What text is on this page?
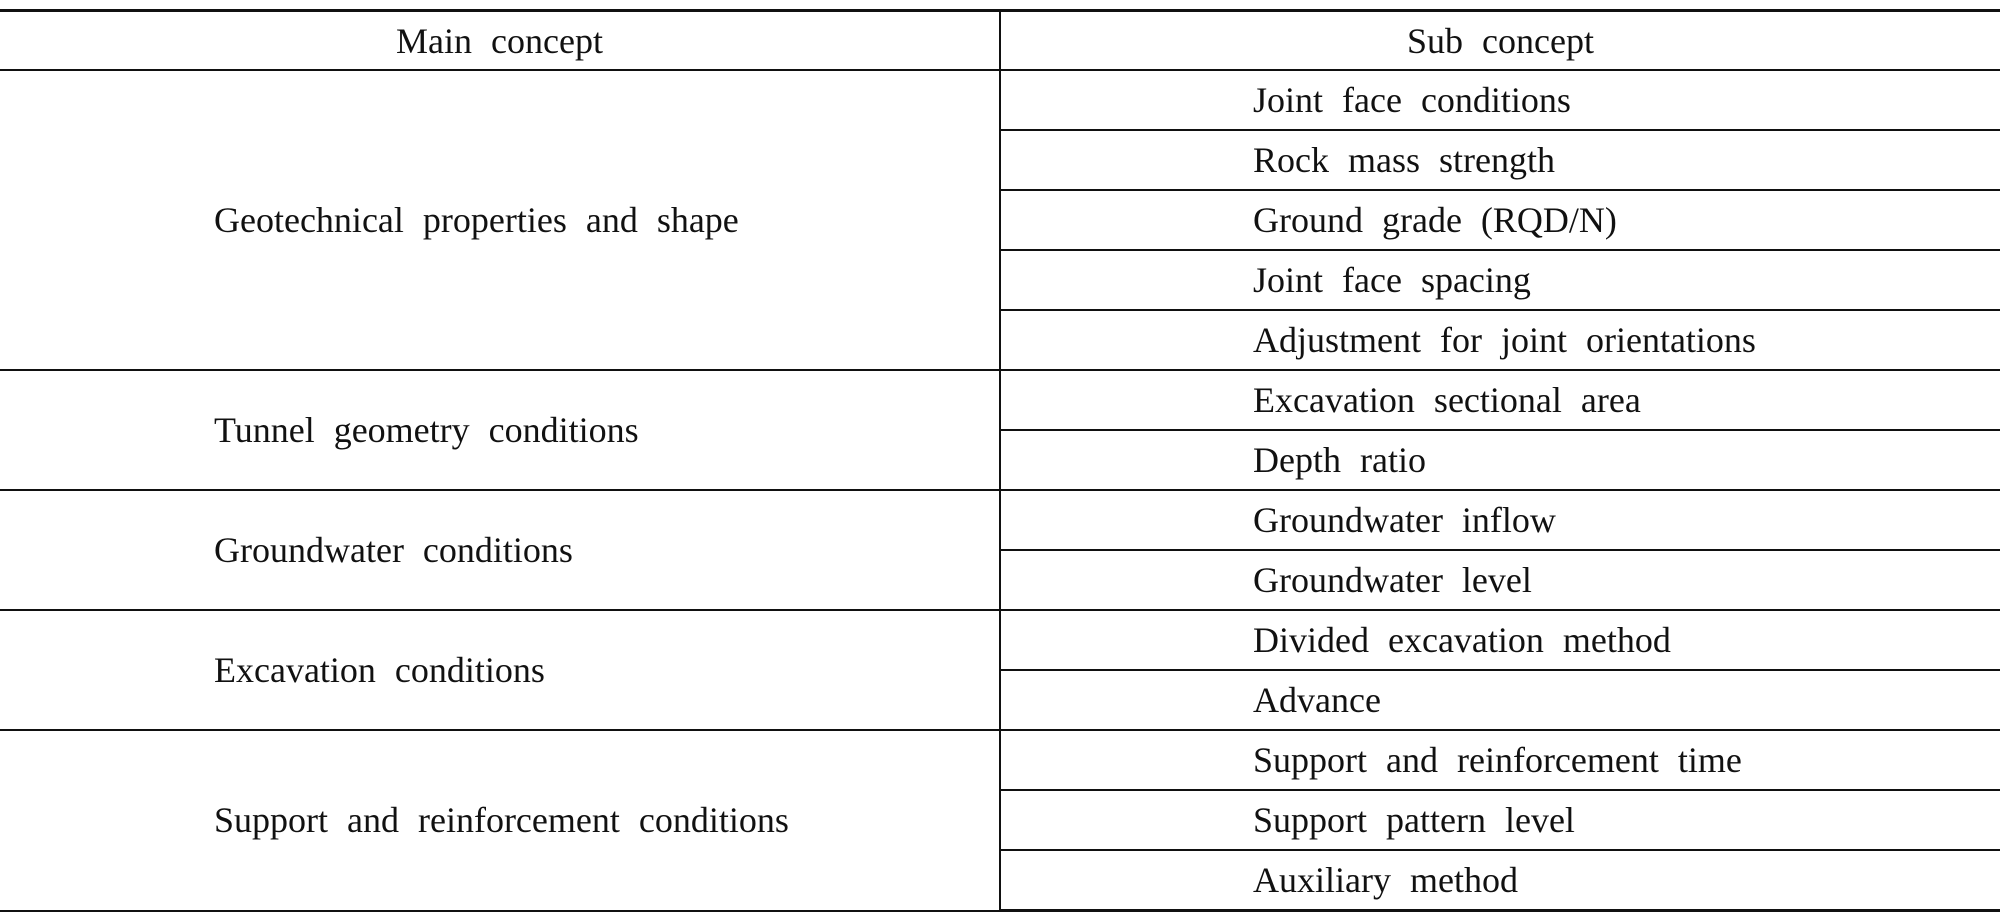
Main concept	Sub concept
Geotechnical properties and shape	Joint face conditions
	Rock mass strength
	Ground grade (RQD/N)
	Joint face spacing
	Adjustment for joint orientations
Tunnel geometry conditions	Excavation sectional area
	Depth ratio
Groundwater conditions	Groundwater inflow
	Groundwater level
Excavation conditions	Divided excavation method
	Advance
Support and reinforcement conditions	Support and reinforcement time
	Support pattern level
	Auxiliary method
